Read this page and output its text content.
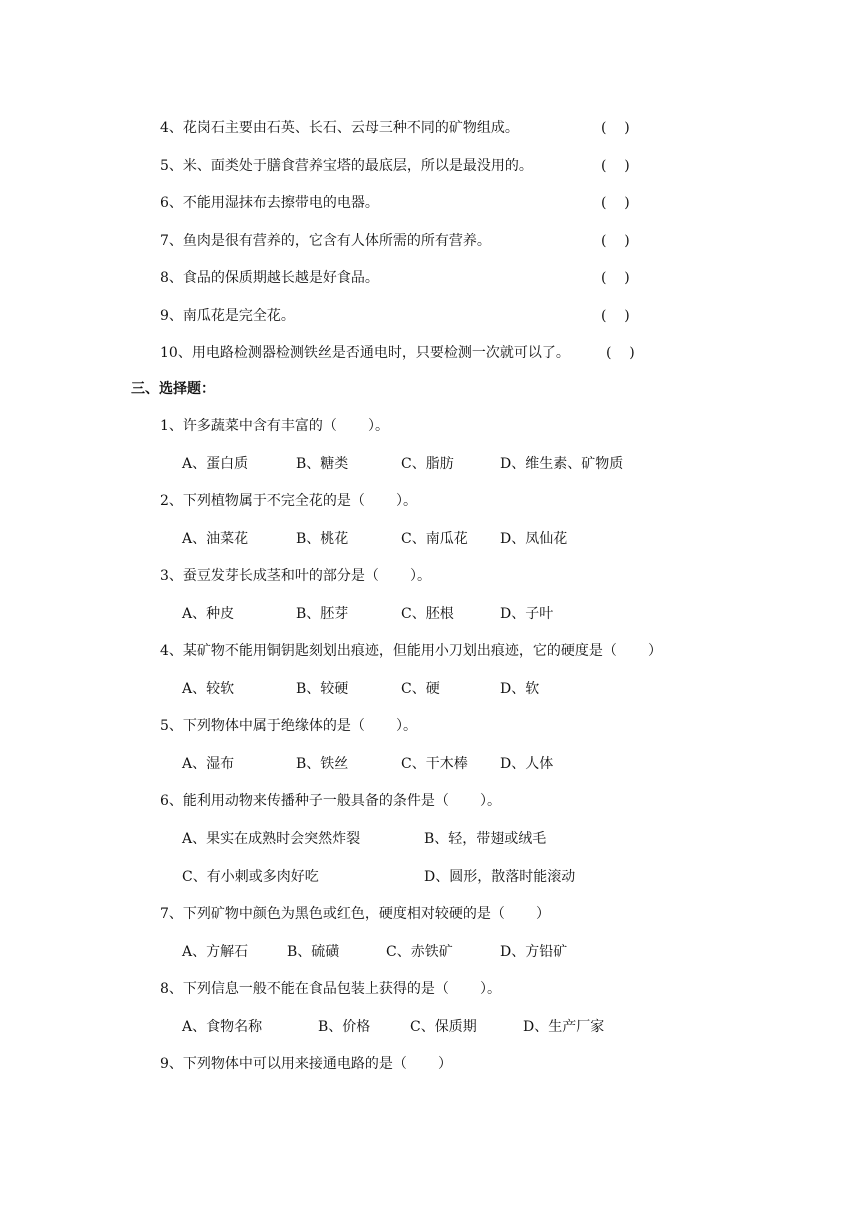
4、花岗石主要由石英、长石、云母三种不同的矿物组成。	(    )
5、米、面类处于膳食营养宝塔的最底层，所以是最没用的。	(    )
6、不能用湿抹布去擦带电的电器。	(    )
7、鱼肉是很有营养的，它含有人体所需的所有营养。	(    )
8、食品的保质期越长越是好食品。	(    )
9、南瓜花是完全花。	(    )
10、用电路检测器检测铁丝是否通电时，只要检测一次就可以了。	(    )
三、选择题：
1、许多蔬菜中含有丰富的（       ）。
A、蛋白质	B、糖类	C、脂肪	D、维生素、矿物质
2、下列植物属于不完全花的是（       ）。
A、油菜花	B、桃花	C、南瓜花 D、凤仙花
3、蚕豆发芽长成茎和叶的部分是（       ）。
A、种皮	B、胚芽	C、胚根	D、子叶
4、某矿物不能用铜钥匙刻划出痕迹，但能用小刀划出痕迹，它的硬度是（       ）
A、较软	B、较硬	C、硬	D、软
5、下列物体中属于绝缘体的是（       ）。
A、湿布	B、铁丝	C、干木棒 D、人体
6、能利用动物来传播种子一般具备的条件是（       ）。
A、果实在成熟时会突然炸裂	B、轻，带翅或绒毛
C、有小刺或多肉好吃	D、圆形，散落时能滚动
7、下列矿物中颜色为黑色或红色，硬度相对较硬的是（       ）
A、方解石	B、硫磺	C、赤铁矿	D、方铅矿
8、下列信息一般不能在食品包装上获得的是（       ）。
A、食物名称	B、价格	C、保质期	D、生产厂家
9、下列物体中可以用来接通电路的是（       ）
